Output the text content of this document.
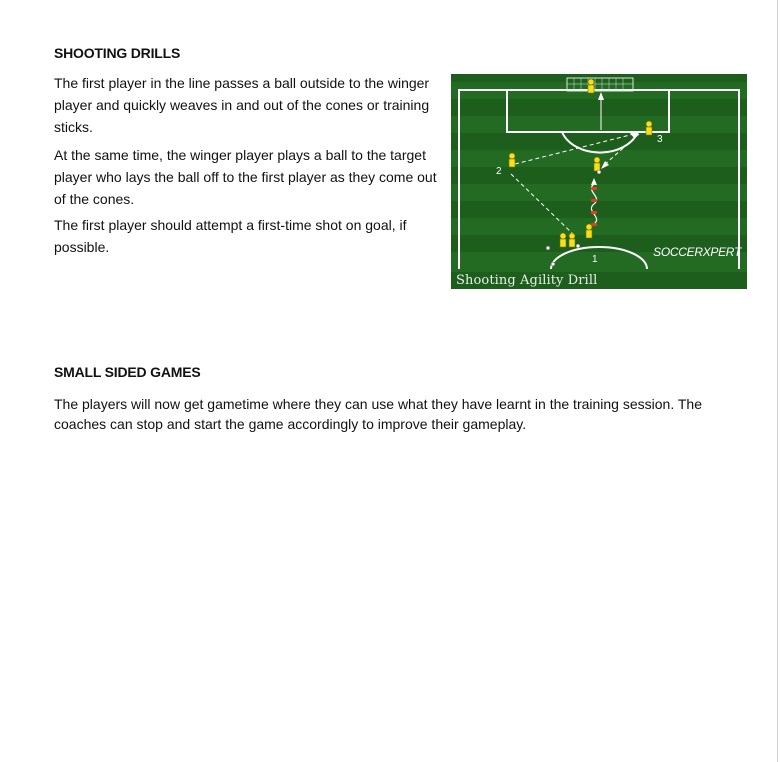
SHOOTING DRILLS

The first player in the line passes a ball outside to the winger player and quickly weaves in and out of the cones or training sticks.

At the same time, the winger player plays a ball to the target player who lays the ball off to the first player as they come out of the cones.

The first player should attempt a first-time shot on goal, if possible.

1
2
3
SOCCERXPERT
Shooting Agility Drill
SMALL SIDED GAMES

The players will now get gametime where they can use what they have learnt in the training session. The coaches can stop and start the game accordingly to improve their gameplay.
